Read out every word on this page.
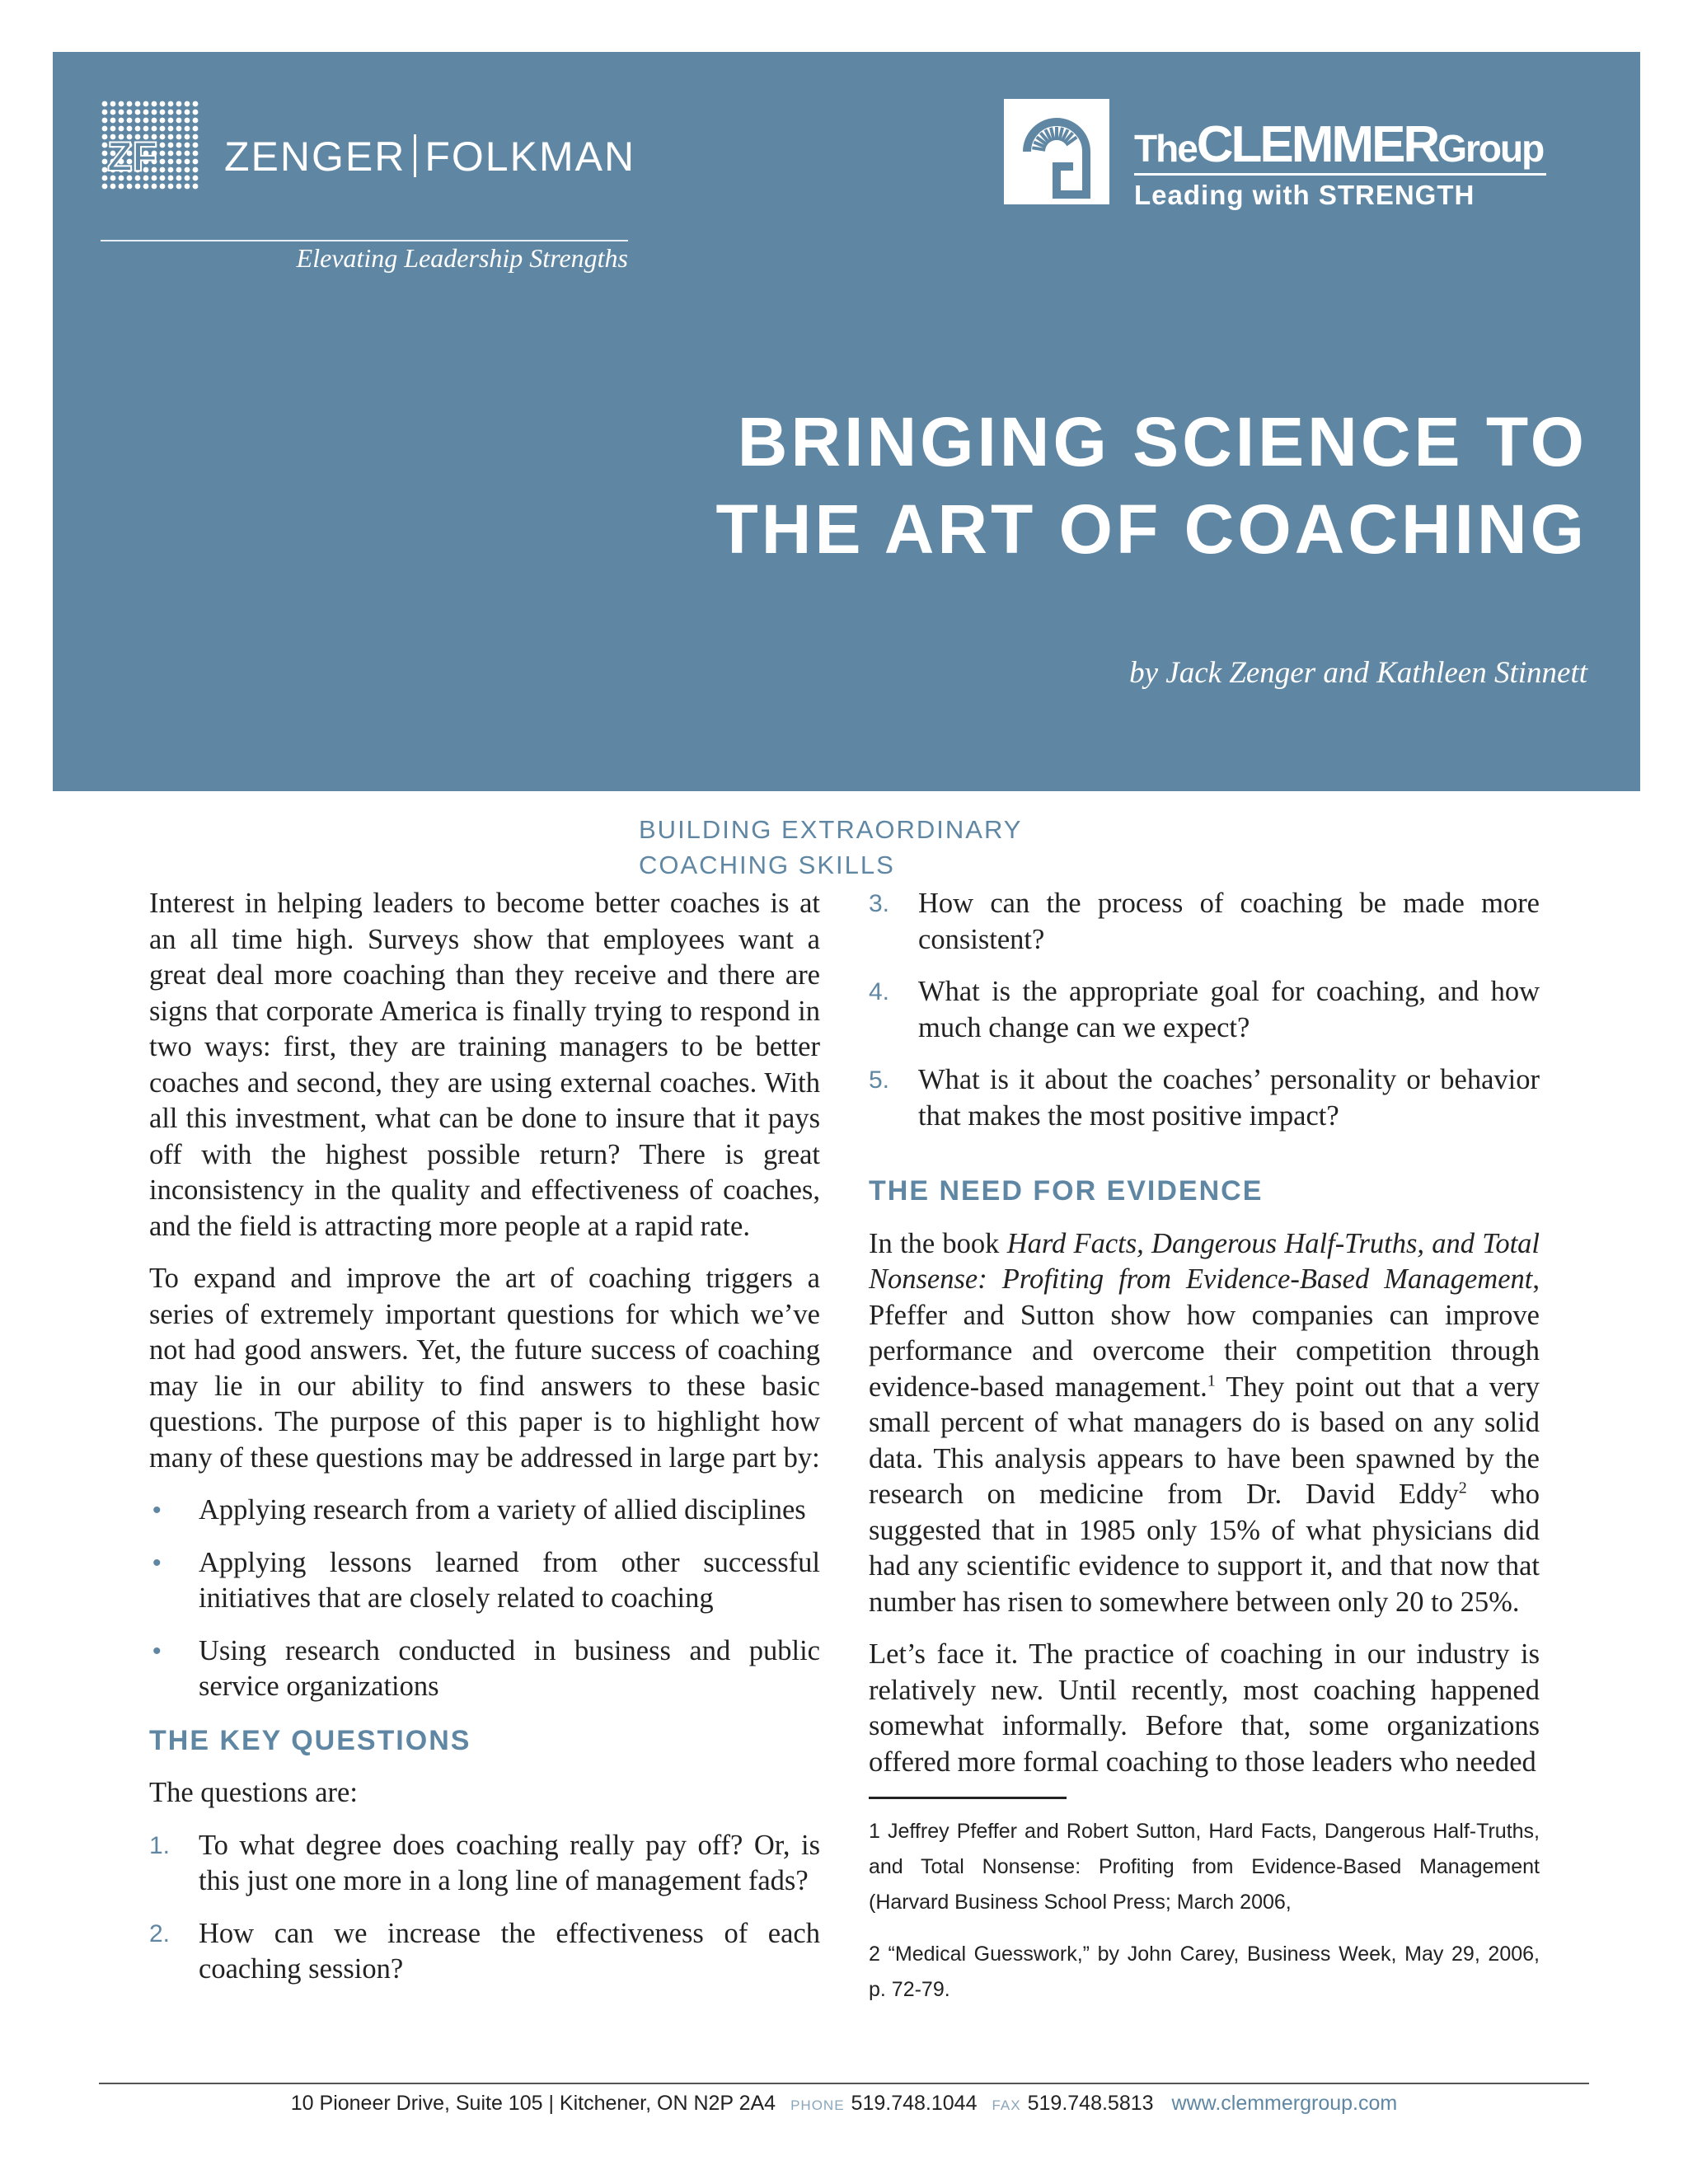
ZF ZENGER FOLKMAN
Elevating Leadership Strengths
TheCLEMMERGroup
Leading with STRENGTH
BRINGING SCIENCE TO
THE ART OF COACHING
by Jack Zenger and Kathleen Stinnett
BUILDING EXTRAORDINARY
COACHING SKILLS

Interest in helping leaders to become better coaches is at an all time high. Surveys show that employees want a great deal more coaching than they receive and there are signs that corporate America is finally trying to respond in two ways: first, they are training managers to be better coaches and second, they are using external coaches. With all this investment, what can be done to insure that it pays off with the highest possible return? There is great inconsistency in the quality and effectiveness of coaches, and the field is attracting more people at a rapid rate.

To expand and improve the art of coaching triggers a series of extremely important questions for which we’ve not had good answers. Yet, the future success of coaching may lie in our ability to find answers to these basic questions. The purpose of this paper is to highlight how many of these questions may be addressed in large part by:

• Applying research from a variety of allied disciplines
• Applying lessons learned from other successful initiatives that are closely related to coaching
• Using research conducted in business and public service organizations
THE KEY QUESTIONS

The questions are:

1. To what degree does coaching really pay off? Or, is this just one more in a long line of management fads?
2. How can we increase the effectiveness of each coaching session?
3. How can the process of coaching be made more consistent?
4. What is the appropriate goal for coaching, and how much change can we expect?
5. What is it about the coaches’ personality or behavior that makes the most positive impact?
THE NEED FOR EVIDENCE

In the book Hard Facts, Dangerous Half-Truths, and Total Nonsense: Profiting from Evidence-Based Management, Pfeffer and Sutton show how companies can improve performance and overcome their competition through evidence-based management.$^1$ They point out that a very small percent of what managers do is based on any solid data. This analysis appears to have been spawned by the research on medicine from Dr. David Eddy$^2$ who suggested that in 1985 only 15% of what physicians did had any scientific evidence to support it, and that now that number has risen to somewhere between only 20 to 25%.

Let’s face it. The practice of coaching in our industry is relatively new. Until recently, most coaching happened somewhat informally. Before that, some organizations offered more formal coaching to those leaders who needed

1 Jeffrey Pfeffer and Robert Sutton, Hard Facts, Dangerous Half-Truths, and Total Nonsense: Profiting from Evidence-Based Management (Harvard Business School Press; March 2006,

2 “Medical Guesswork,” by John Carey, Business Week, May 29, 2006, p. 72-79.

10 Pioneer Drive, Suite 105 | Kitchener, ON N2P 2A4 PHONE 519.748.1044 FAX 519.748.5813 www.clemmergroup.com
